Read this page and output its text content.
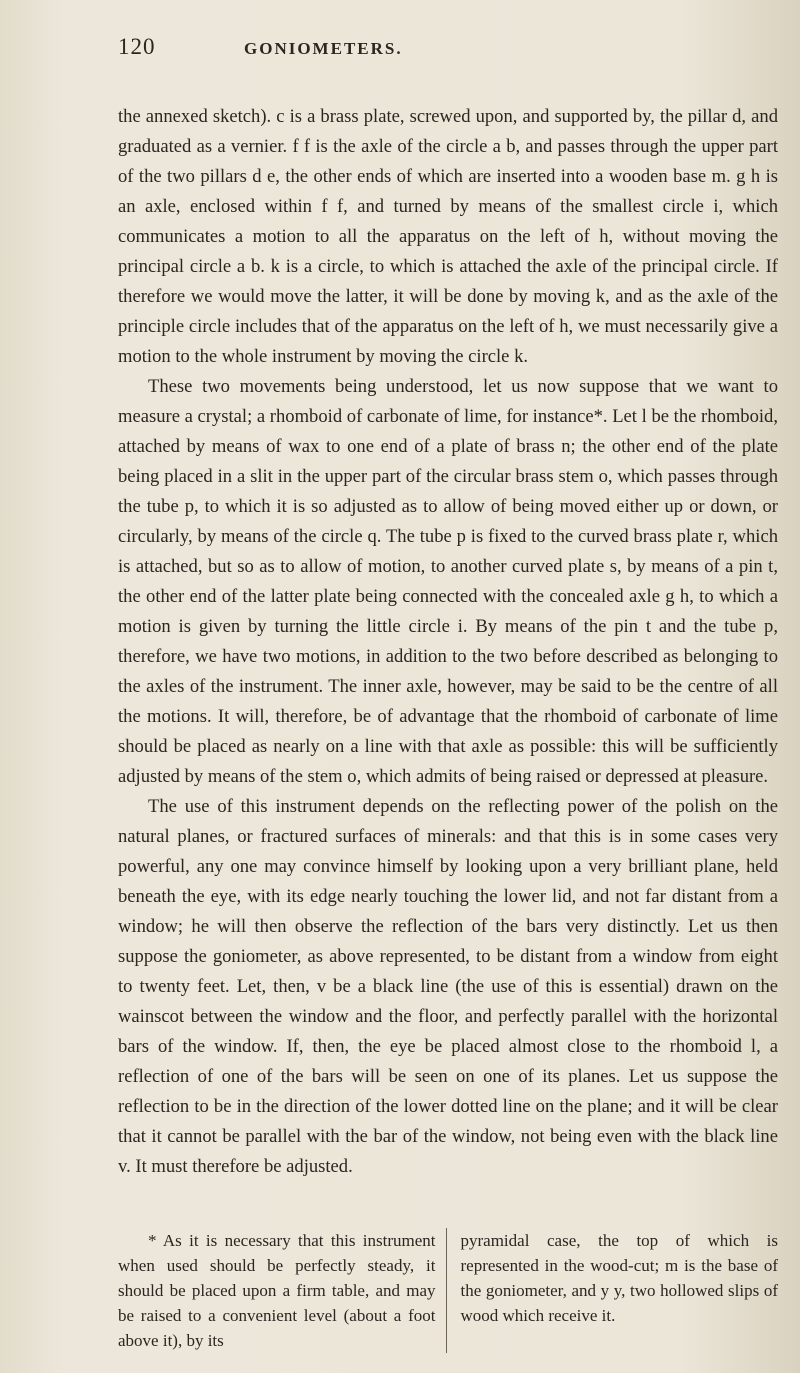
120	GONIOMETERS.

the annexed sketch). c is a brass plate, screwed upon, and supported by, the pillar d, and graduated as a vernier. f f is the axle of the circle a b, and passes through the upper part of the two pillars d e, the other ends of which are inserted into a wooden base m. g h is an axle, enclosed within f f, and turned by means of the smallest circle i, which communicates a motion to all the apparatus on the left of h, without moving the principal circle a b. k is a circle, to which is attached the axle of the principal circle. If therefore we would move the latter, it will be done by moving k, and as the axle of the principle circle includes that of the apparatus on the left of h, we must necessarily give a motion to the whole instrument by moving the circle k.

These two movements being understood, let us now suppose that we want to measure a crystal; a rhomboid of carbonate of lime, for instance*. Let l be the rhomboid, attached by means of wax to one end of a plate of brass n; the other end of the plate being placed in a slit in the upper part of the circular brass stem o, which passes through the tube p, to which it is so adjusted as to allow of being moved either up or down, or circularly, by means of the circle q. The tube p is fixed to the curved brass plate r, which is attached, but so as to allow of motion, to another curved plate s, by means of a pin t, the other end of the latter plate being connected with the concealed axle g h, to which a motion is given by turning the little circle i. By means of the pin t and the tube p, therefore, we have two motions, in addition to the two before described as belonging to the axles of the instrument. The inner axle, however, may be said to be the centre of all the motions. It will, therefore, be of advantage that the rhomboid of carbonate of lime should be placed as nearly on a line with that axle as possible: this will be sufficiently adjusted by means of the stem o, which admits of being raised or depressed at pleasure.

The use of this instrument depends on the reflecting power of the polish on the natural planes, or fractured surfaces of minerals: and that this is in some cases very powerful, any one may convince himself by looking upon a very brilliant plane, held beneath the eye, with its edge nearly touching the lower lid, and not far distant from a window; he will then observe the reflection of the bars very distinctly. Let us then suppose the goniometer, as above represented, to be distant from a window from eight to twenty feet. Let, then, v be a black line (the use of this is essential) drawn on the wainscot between the window and the floor, and perfectly parallel with the horizontal bars of the window. If, then, the eye be placed almost close to the rhomboid l, a reflection of one of the bars will be seen on one of its planes. Let us suppose the reflection to be in the direction of the lower dotted line on the plane; and it will be clear that it cannot be parallel with the bar of the window, not being even with the black line v. It must therefore be adjusted.

* As it is necessary that this instrument when used should be perfectly steady, it should be placed upon a firm table, and may be raised to a convenient level (about a foot above it), by its
pyramidal case, the top of which is represented in the wood-cut; m is the base of the goniometer, and y y, two hollowed slips of wood which receive it.
